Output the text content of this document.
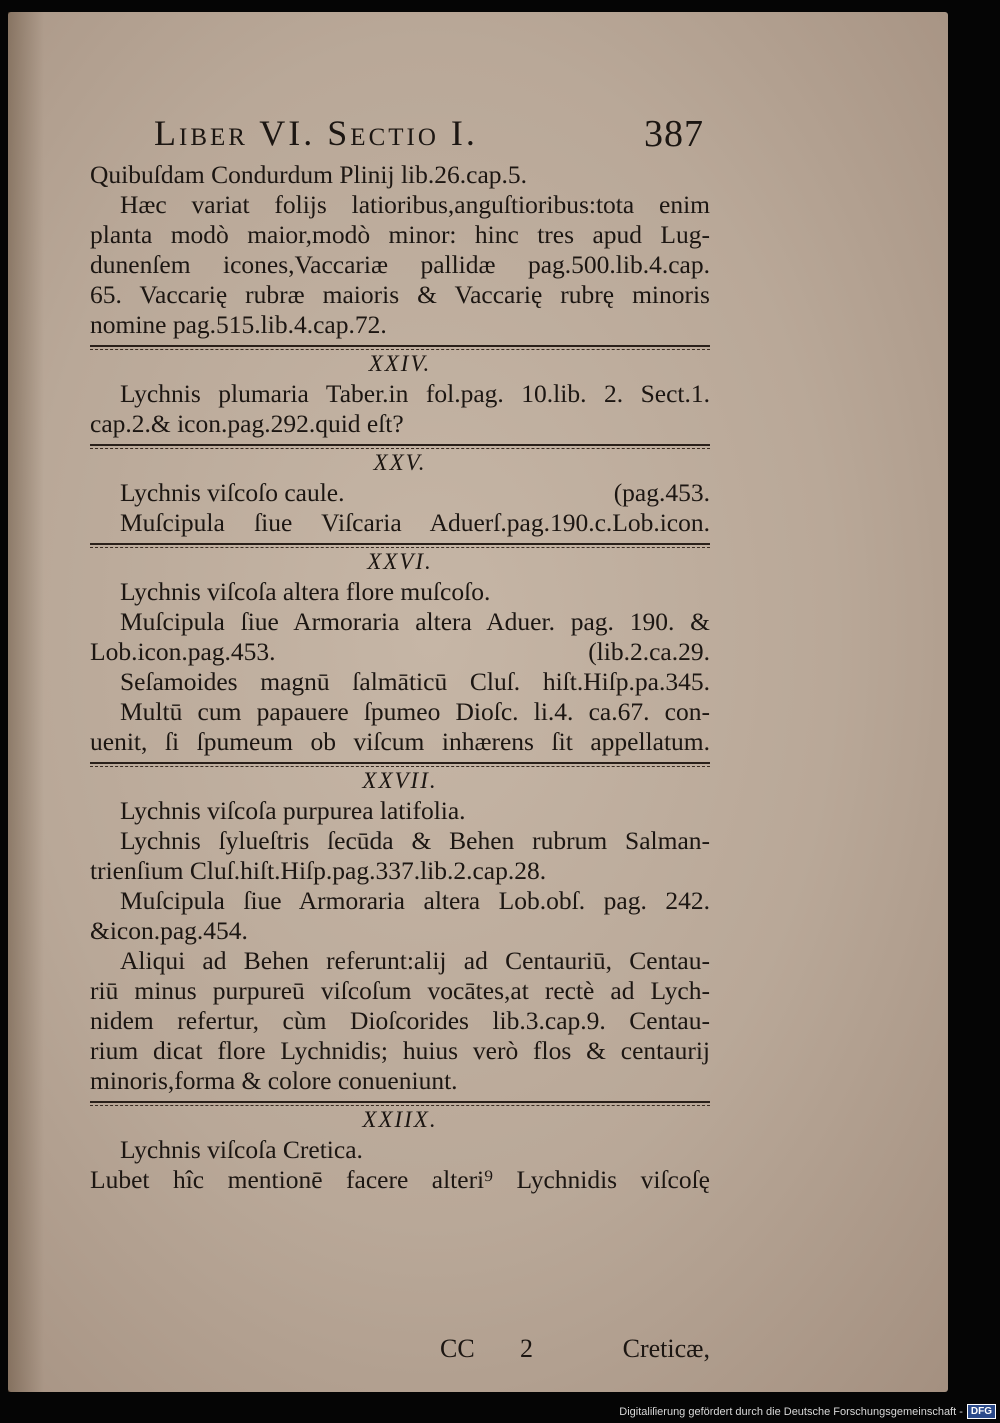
Liber VI. Sectio I.	387
Quibuſdam Condurdum Plinij lib.26.cap.5.
Hæc variat folijs latioribus,anguſtioribus:tota enim
planta modò maior,modò minor: hinc tres apud Lug-
dunenſem icones,Vaccariæ pallidæ pag.500.lib.4.cap.
65. Vaccarię rubræ maioris & Vaccarię rubrę minoris
nomine pag.515.lib.4.cap.72.
XXIV.
Lychnis plumaria Taber.in fol.pag. 10.lib. 2. Sect.1.
cap.2.& icon.pag.292.quid eſt?
XXV.
Lychnis viſcoſo caule.	(pag.453.
Muſcipula ſiue Viſcaria Aduerſ.pag.190.c.Lob.icon.
XXVI.
Lychnis viſcoſa altera flore muſcoſo.
Muſcipula ſiue Armoraria altera Aduer. pag. 190. &
Lob.icon.pag.453.	(lib.2.ca.29.
Seſamoides magnū ſalmāticū Cluſ. hiſt.Hiſp.pa.345.
Multū cum papauere ſpumeo Dioſc. li.4. ca.67. con-
uenit, ſi ſpumeum ob viſcum inhærens ſit appellatum.
XXVII.
Lychnis viſcoſa purpurea latifolia.
Lychnis ſylueſtris ſecūda & Behen rubrum Salman-
trienſium Cluſ.hiſt.Hiſp.pag.337.lib.2.cap.28.
Muſcipula ſiue Armoraria altera Lob.obſ. pag. 242.
&icon.pag.454.
Aliqui ad Behen referunt:alij ad Centauriū, Centau-
riū minus purpureū viſcoſum vocātes,at rectè ad Lych-
nidem refertur, cùm Dioſcorides lib.3.cap.9. Centau-
rium dicat flore Lychnidis; huius verò flos & centaurij
minoris,forma & colore conueniunt.
XXIIX.
Lychnis viſcoſa Cretica.
Lubet hîc mentionē facere alteri⁹ Lychnidis viſcoſę
CC 2	Creticæ,
Digitaliſierung gefördert durch die Deutsche Forschungsgemeinschaft - DFG
